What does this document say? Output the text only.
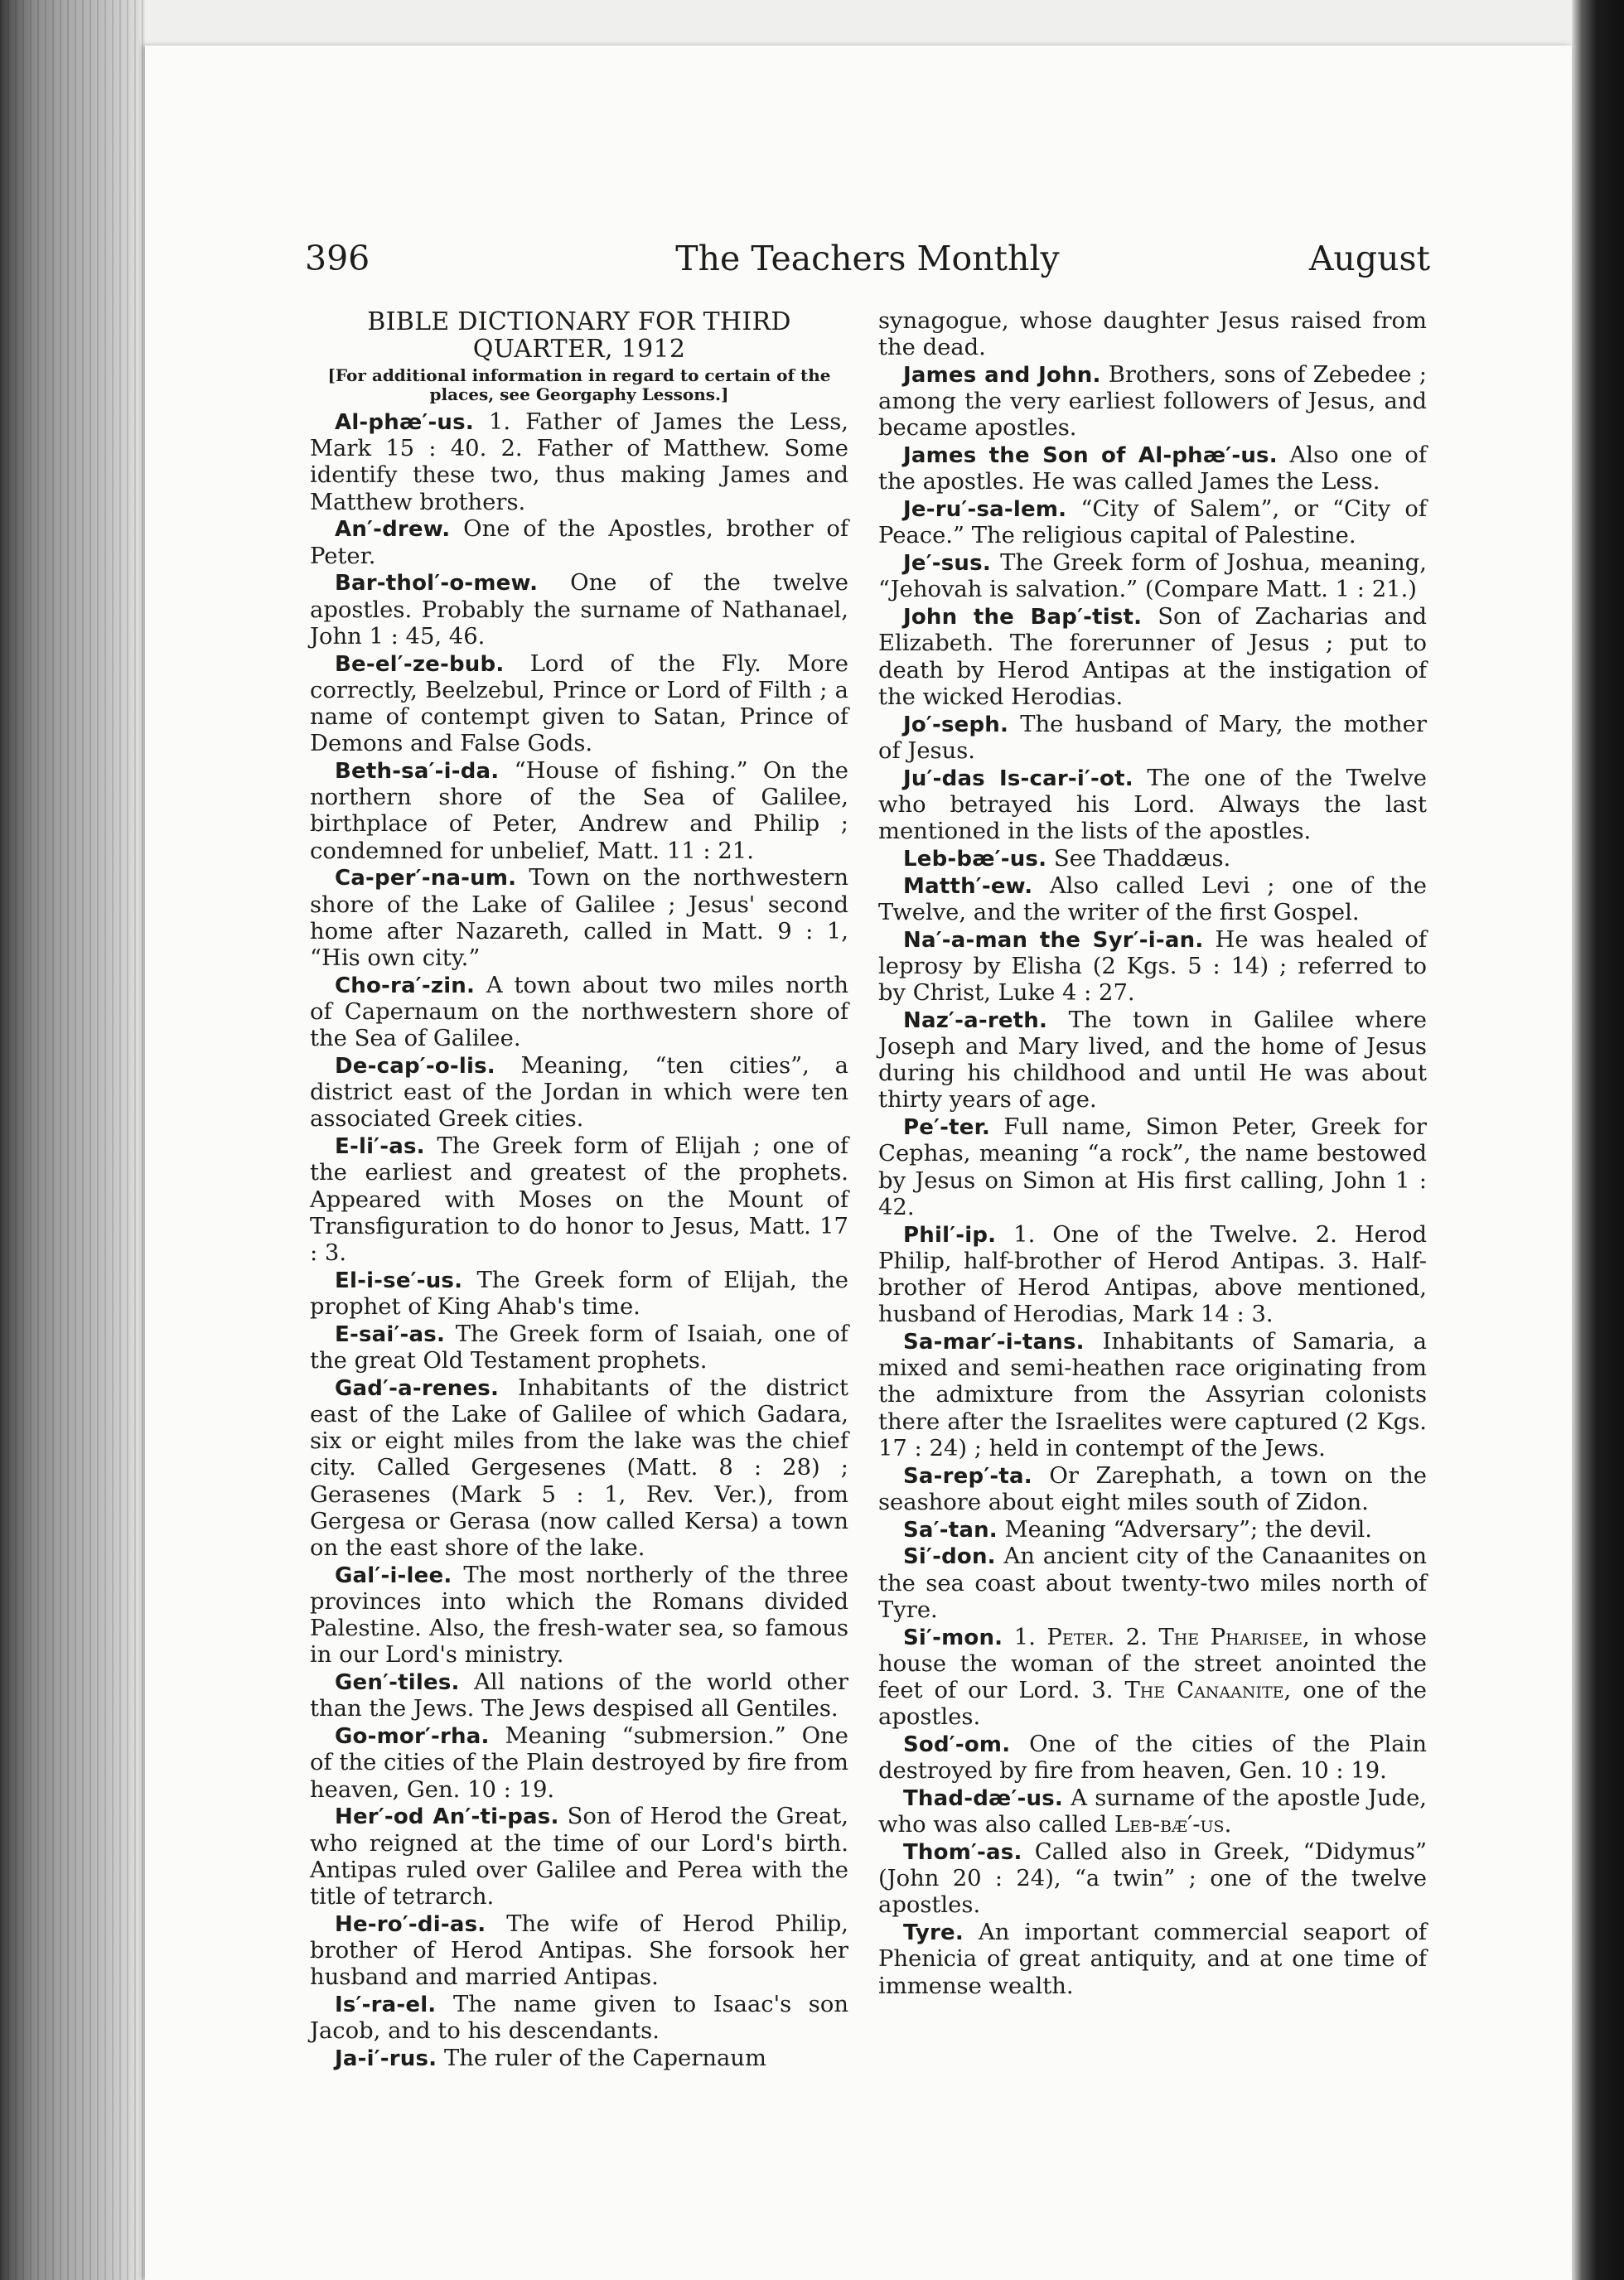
396	The Teachers Monthly	August

BIBLE DICTIONARY FOR THIRD QUARTER, 1912

[For additional information in regard to certain of the places, see Georgaphy Lessons.]

Al-phæ′-us. 1. Father of James the Less, Mark 15 : 40. 2. Father of Matthew. Some identify these two, thus making James and Matthew brothers.

An′-drew. One of the Apostles, brother of Peter.

Bar-thol′-o-mew. One of the twelve apostles. Probably the surname of Nathanael, John 1 : 45, 46.

Be-el′-ze-bub. Lord of the Fly. More correctly, Beelzebul, Prince or Lord of Filth ; a name of contempt given to Satan, Prince of Demons and False Gods.

Beth-sa′-i-da. “House of fishing.” On the northern shore of the Sea of Galilee, birthplace of Peter, Andrew and Philip ; condemned for unbelief, Matt. 11 : 21.

Ca-per′-na-um. Town on the northwestern shore of the Lake of Galilee ; Jesus' second home after Nazareth, called in Matt. 9 : 1, “His own city.”

Cho-ra′-zin. A town about two miles north of Capernaum on the northwestern shore of the Sea of Galilee.

De-cap′-o-lis. Meaning, “ten cities”, a district east of the Jordan in which were ten associated Greek cities.

E-li′-as. The Greek form of Elijah ; one of the earliest and greatest of the prophets. Appeared with Moses on the Mount of Transfiguration to do honor to Jesus, Matt. 17 : 3.

El-i-se′-us. The Greek form of Elijah, the prophet of King Ahab's time.

E-sai′-as. The Greek form of Isaiah, one of the great Old Testament prophets.

Gad′-a-renes. Inhabitants of the district east of the Lake of Galilee of which Gadara, six or eight miles from the lake was the chief city. Called Gergesenes (Matt. 8 : 28) ; Gerasenes (Mark 5 : 1, Rev. Ver.), from Gergesa or Gerasa (now called Kersa) a town on the east shore of the lake.

Gal′-i-lee. The most northerly of the three provinces into which the Romans divided Palestine. Also, the fresh-water sea, so famous in our Lord's ministry.

Gen′-tiles. All nations of the world other than the Jews. The Jews despised all Gentiles.

Go-mor′-rha. Meaning “submersion.” One of the cities of the Plain destroyed by fire from heaven, Gen. 10 : 19.

Her′-od An′-ti-pas. Son of Herod the Great, who reigned at the time of our Lord's birth. Antipas ruled over Galilee and Perea with the title of tetrarch.

He-ro′-di-as. The wife of Herod Philip, brother of Herod Antipas. She forsook her husband and married Antipas.

Is′-ra-el. The name given to Isaac's son Jacob, and to his descendants.

Ja-i′-rus. The ruler of the Capernaum

synagogue, whose daughter Jesus raised from the dead.

James and John. Brothers, sons of Zebedee ; among the very earliest followers of Jesus, and became apostles.

James the Son of Al-phæ′-us. Also one of the apostles. He was called James the Less.

Je-ru′-sa-lem. “City of Salem”, or “City of Peace.” The religious capital of Palestine.

Je′-sus. The Greek form of Joshua, meaning, “Jehovah is salvation.” (Compare Matt. 1 : 21.)

John the Bap′-tist. Son of Zacharias and Elizabeth. The forerunner of Jesus ; put to death by Herod Antipas at the instigation of the wicked Herodias.

Jo′-seph. The husband of Mary, the mother of Jesus.

Ju′-das Is-car-i′-ot. The one of the Twelve who betrayed his Lord. Always the last mentioned in the lists of the apostles.

Leb-bæ′-us. See Thaddæus.

Matth′-ew. Also called Levi ; one of the Twelve, and the writer of the first Gospel.

Na′-a-man the Syr′-i-an. He was healed of leprosy by Elisha (2 Kgs. 5 : 14) ; referred to by Christ, Luke 4 : 27.

Naz′-a-reth. The town in Galilee where Joseph and Mary lived, and the home of Jesus during his childhood and until He was about thirty years of age.

Pe′-ter. Full name, Simon Peter, Greek for Cephas, meaning “a rock”, the name bestowed by Jesus on Simon at His first calling, John 1 : 42.

Phil′-ip. 1. One of the Twelve. 2. Herod Philip, half-brother of Herod Antipas. 3. Half-brother of Herod Antipas, above mentioned, husband of Herodias, Mark 14 : 3.

Sa-mar′-i-tans. Inhabitants of Samaria, a mixed and semi-heathen race originating from the admixture from the Assyrian colonists there after the Israelites were captured (2 Kgs. 17 : 24) ; held in contempt of the Jews.

Sa-rep′-ta. Or Zarephath, a town on the seashore about eight miles south of Zidon.

Sa′-tan. Meaning “Adversary”; the devil.

Si′-don. An ancient city of the Canaanites on the sea coast about twenty-two miles north of Tyre.

Si′-mon. 1. Peter. 2. The Pharisee, in whose house the woman of the street anointed the feet of our Lord. 3. The Canaanite, one of the apostles.

Sod′-om. One of the cities of the Plain destroyed by fire from heaven, Gen. 10 : 19.

Thad-dæ′-us. A surname of the apostle Jude, who was also called Leb-bæ′-us.

Thom′-as. Called also in Greek, “Didymus” (John 20 : 24), “a twin” ; one of the twelve apostles.

Tyre. An important commercial seaport of Phenicia of great antiquity, and at one time of immense wealth.
